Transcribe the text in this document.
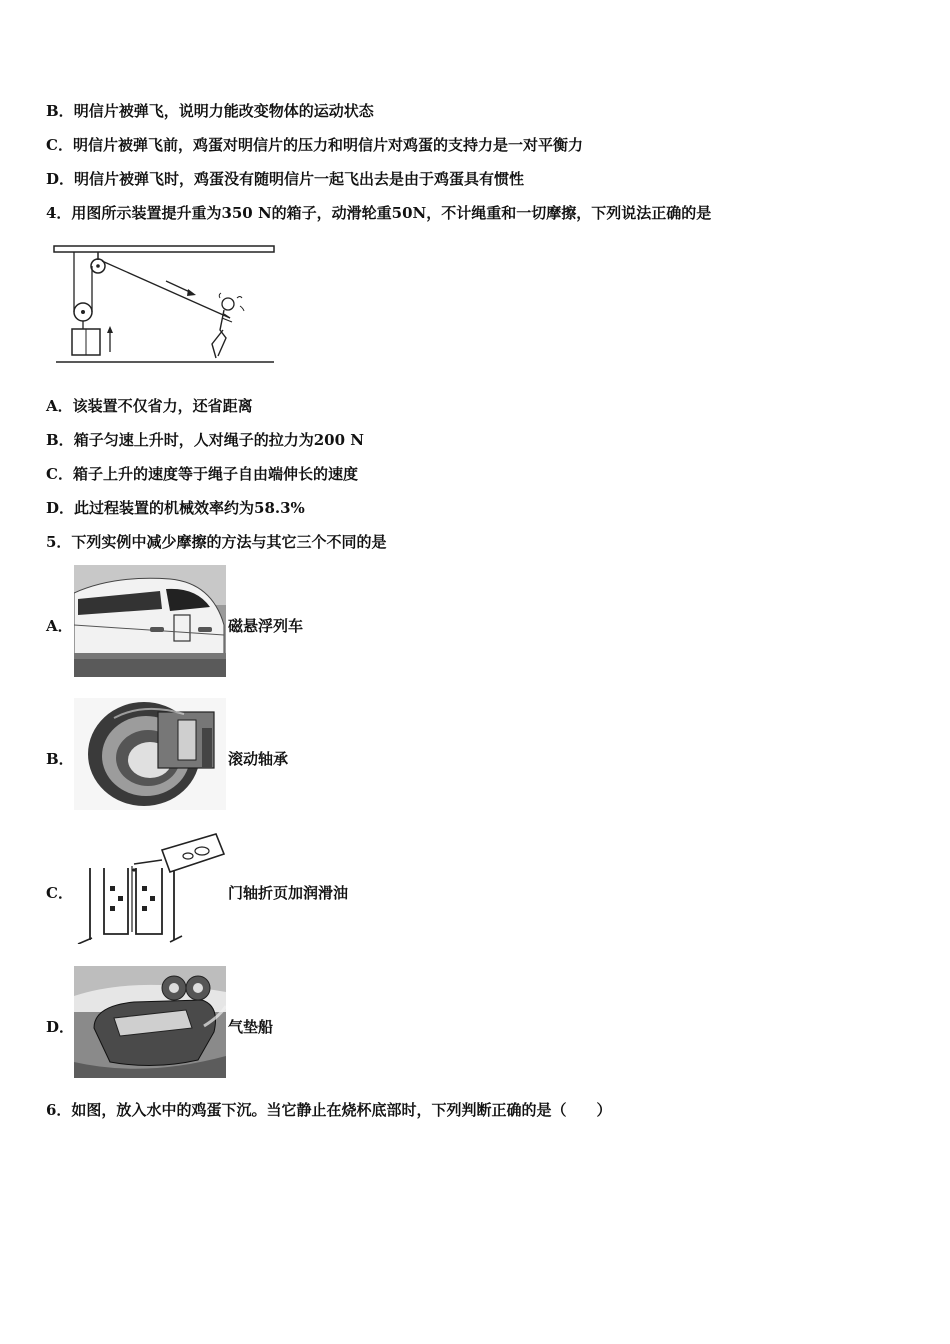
B．明信片被弹飞，说明力能改变物体的运动状态
C．明信片被弹飞前，鸡蛋对明信片的压力和明信片对鸡蛋的支持力是一对平衡力
D．明信片被弹飞时，鸡蛋没有随明信片一起飞出去是由于鸡蛋具有惯性
4．用图所示装置提升重为350 N的箱子，动滑轮重50N，不计绳重和一切摩擦，下列说法正确的是
A．该装置不仅省力，还省距离
B．箱子匀速上升时，人对绳子的拉力为200 N
C．箱子上升的速度等于绳子自由端伸长的速度
D．此过程装置的机械效率约为58.3%
5．下列实例中减少摩擦的方法与其它三个不同的是
A．	磁悬浮列车
B．	滚动轴承
C．	门轴折页加润滑油
D．	气垫船
6．如图，放入水中的鸡蛋下沉。当它静止在烧杯底部时，下列判断正确的是（　　）
